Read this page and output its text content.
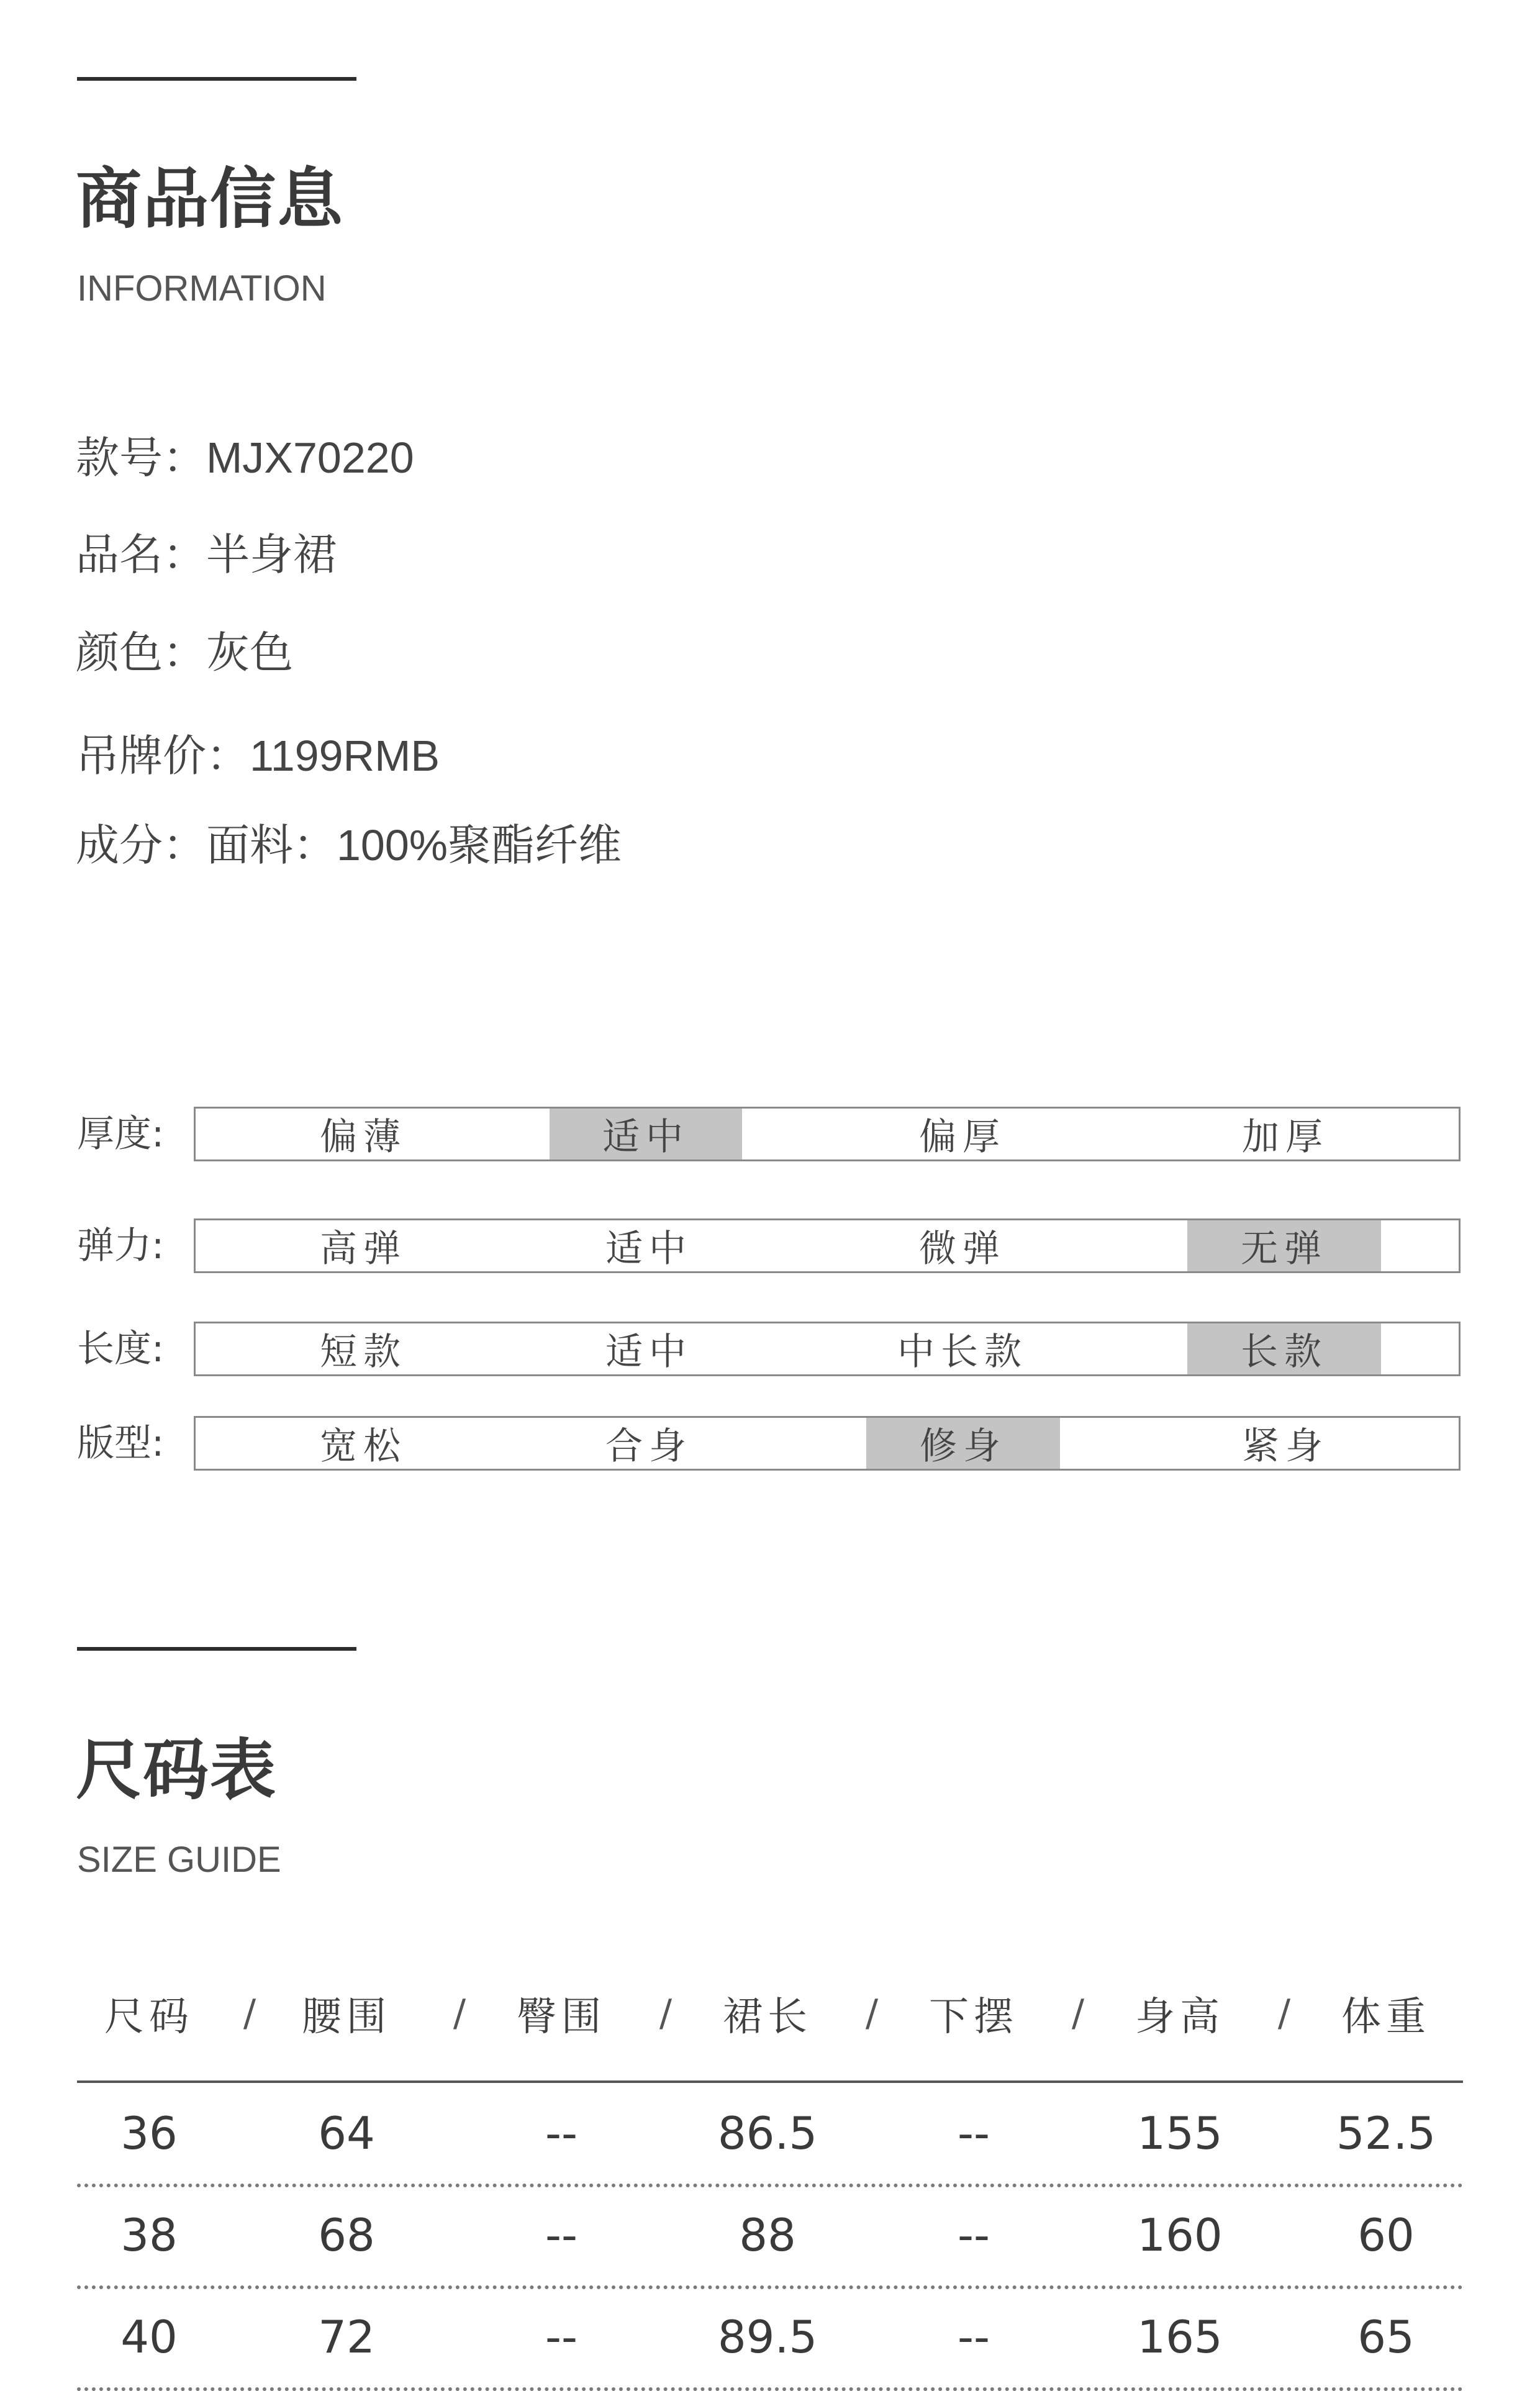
商品信息
INFORMATION
款号：MJX70220
品名：半身裙
颜色：灰色
吊牌价：1199RMB
成分：面料：100%聚酯纤维
厚度:	偏薄	适中	偏厚	加厚
弹力:	高弹	适中	微弹	无弹
长度:	短款	适中	中长款	长款
版型:	宽松	合身	修身	紧身
尺码表
SIZE GUIDE
尺码	腰围	臀围	裙长	下摆	身高	体重
/	/	/	/	/	/
36	64	--	86.5	--	155	52.5
38	68	--	88	--	160	60
40	72	--	89.5	--	165	65
